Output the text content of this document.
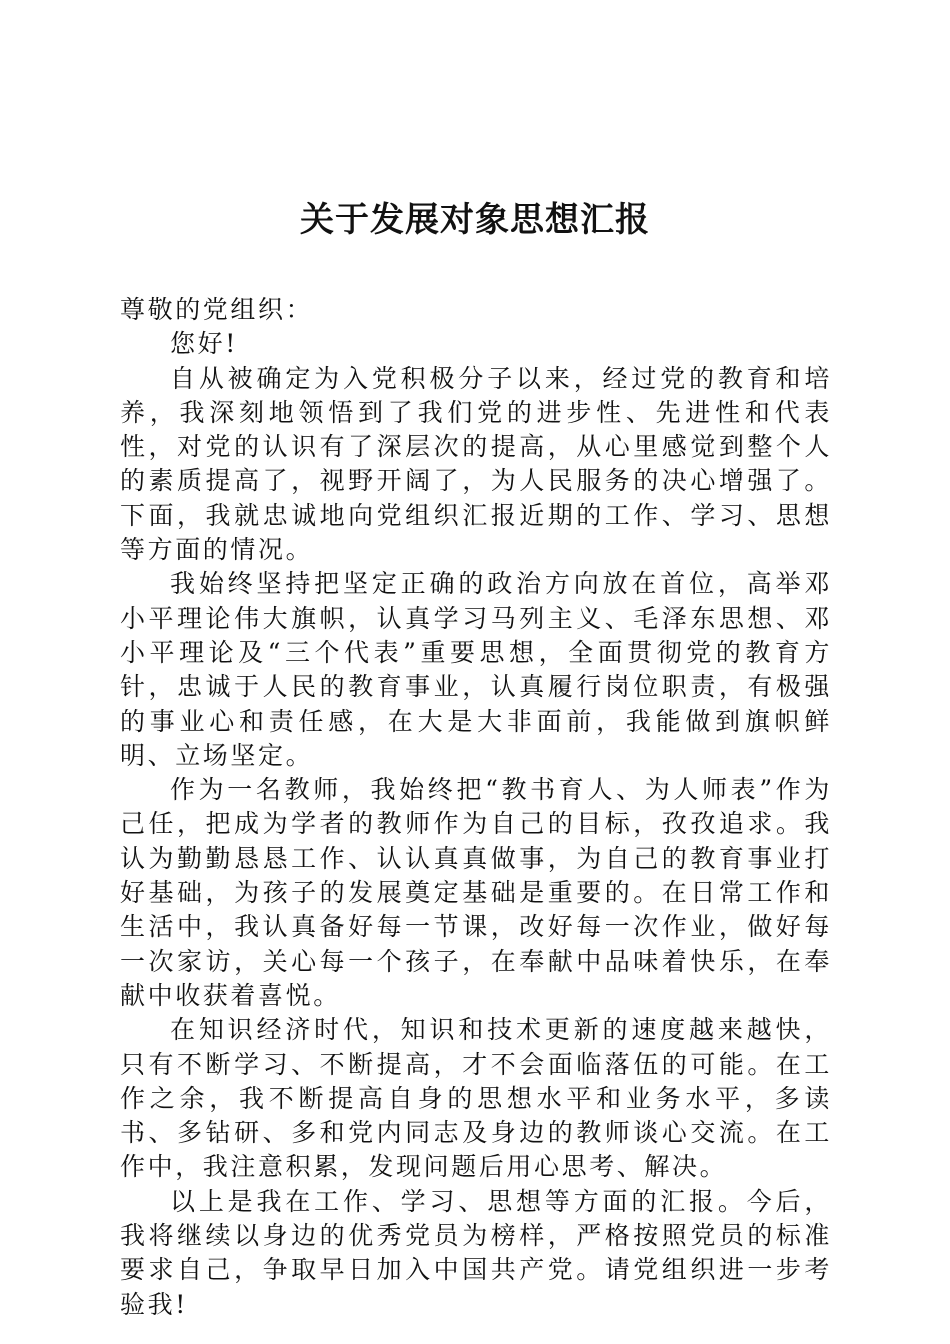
关于发展对象思想汇报

尊敬的党组织：

您好!

自从被确定为入党积极分子以来，经过党的教育和培养，我深刻地领悟到了我们党的进步性、先进性和代表性，对党的认识有了深层次的提高，从心里感觉到整个人的素质提高了，视野开阔了，为人民服务的决心增强了。下面，我就忠诚地向党组织汇报近期的工作、学习、思想等方面的情况。

我始终坚持把坚定正确的政治方向放在首位，高举邓小平理论伟大旗帜，认真学习马列主义、毛泽东思想、邓小平理论及“三个代表”重要思想，全面贯彻党的教育方针，忠诚于人民的教育事业，认真履行岗位职责，有极强的事业心和责任感，在大是大非面前，我能做到旗帜鲜明、立场坚定。

作为一名教师，我始终把“教书育人、为人师表”作为己任，把成为学者的教师作为自己的目标，孜孜追求。我认为勤勤恳恳工作、认认真真做事，为自己的教育事业打好基础，为孩子的发展奠定基础是重要的。在日常工作和生活中，我认真备好每一节课，改好每一次作业，做好每一次家访，关心每一个孩子，在奉献中品味着快乐，在奉献中收获着喜悦。

在知识经济时代，知识和技术更新的速度越来越快，只有不断学习、不断提高，才不会面临落伍的可能。在工作之余，我不断提高自身的思想水平和业务水平，多读书、多钻研、多和党内同志及身边的教师谈心交流。在工作中，我注意积累，发现问题后用心思考、解决。

以上是我在工作、学习、思想等方面的汇报。今后，我将继续以身边的优秀党员为榜样，严格按照党员的标准要求自己，争取早日加入中国共产党。请党组织进一步考验我!
